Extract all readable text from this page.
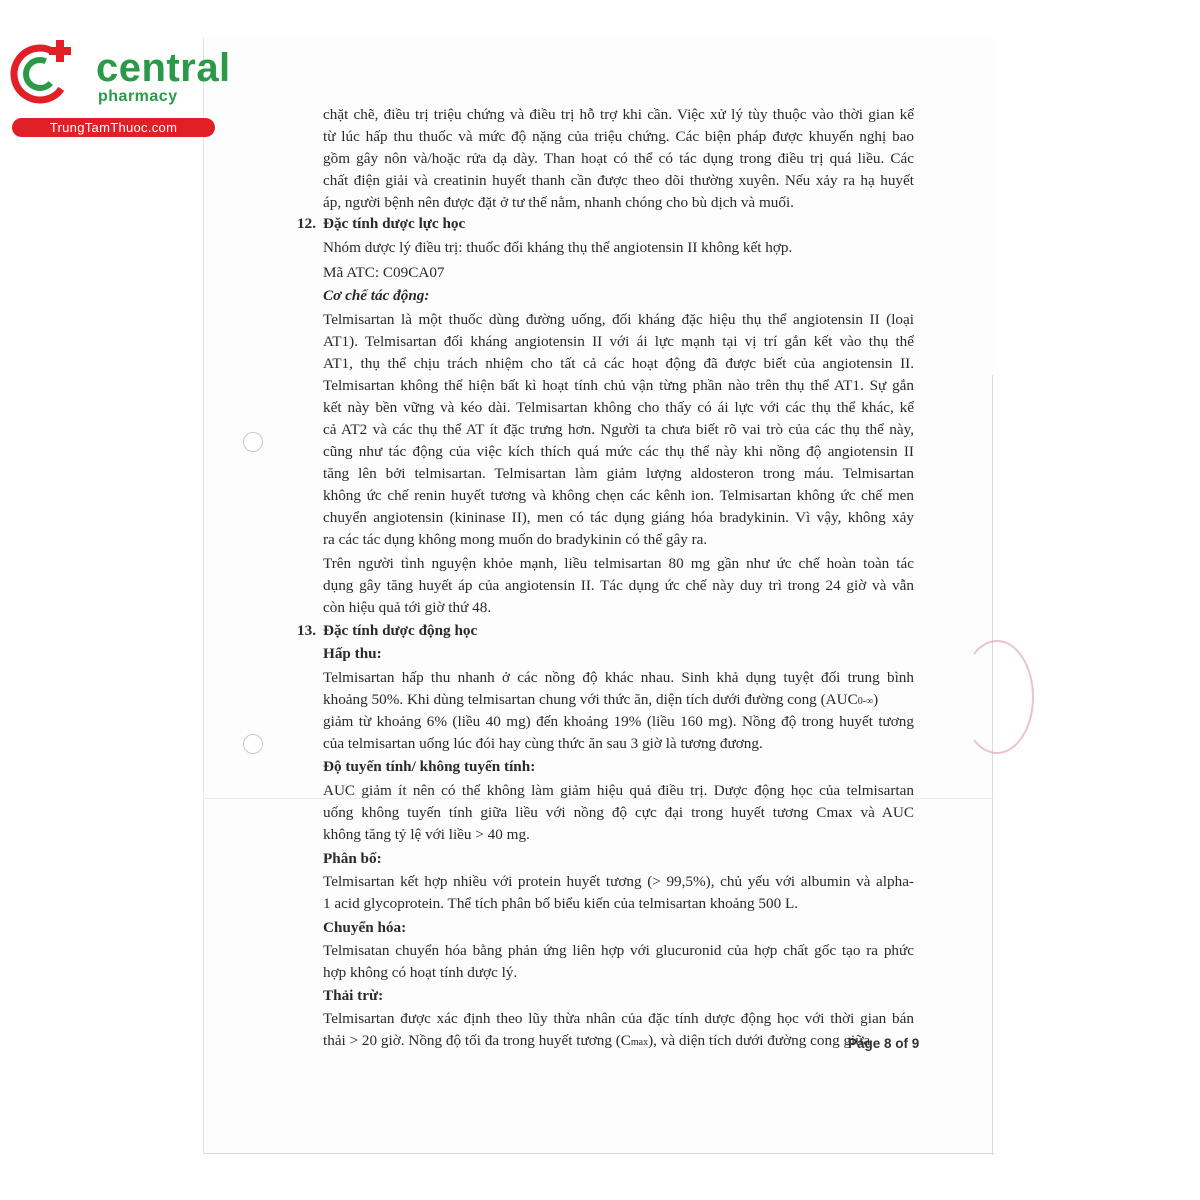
central
pharmacy
TrungTamThuoc.com
chặt chẽ, điều trị triệu chứng và điều trị hỗ trợ khi cần. Việc xử lý tùy thuộc vào thời gian kể
từ lúc hấp thu thuốc và mức độ nặng của triệu chứng. Các biện pháp được khuyến nghị bao
gồm gây nôn và/hoặc rửa dạ dày. Than hoạt có thể có tác dụng trong điều trị quá liều. Các
chất điện giải và creatinin huyết thanh cần được theo dõi thường xuyên. Nếu xảy ra hạ huyết
áp, người bệnh nên được đặt ở tư thế nằm, nhanh chóng cho bù dịch và muối.
12. Đặc tính dược lực học
Nhóm dược lý điều trị: thuốc đối kháng thụ thể angiotensin II không kết hợp.
Mã ATC: C09CA07
Cơ chế tác động:
Telmisartan là một thuốc dùng đường uống, đối kháng đặc hiệu thụ thể angiotensin II (loại
AT1). Telmisartan đối kháng angiotensin II với ái lực mạnh tại vị trí gắn kết vào thụ thể
AT1, thụ thể chịu trách nhiệm cho tất cả các hoạt động đã được biết của angiotensin II.
Telmisartan không thể hiện bất kì hoạt tính chủ vận từng phần nào trên thụ thể AT1. Sự gắn
kết này bền vững và kéo dài. Telmisartan không cho thấy có ái lực với các thụ thể khác, kể
cả AT2 và các thụ thể AT ít đặc trưng hơn. Người ta chưa biết rõ vai trò của các thụ thể này,
cũng như tác động của việc kích thích quá mức các thụ thể này khi nồng độ angiotensin II
tăng lên bởi telmisartan. Telmisartan làm giảm lượng aldosteron trong máu. Telmisartan
không ức chế renin huyết tương và không chẹn các kênh ion. Telmisartan không ức chế men
chuyển angiotensin (kininase II), men có tác dụng giáng hóa bradykinin. Vì vậy, không xảy
ra các tác dụng không mong muốn do bradykinin có thể gây ra.
Trên người tình nguyện khỏe mạnh, liều telmisartan 80 mg gần như ức chế hoàn toàn tác
dụng gây tăng huyết áp của angiotensin II. Tác dụng ức chế này duy trì trong 24 giờ và vẫn
còn hiệu quả tới giờ thứ 48.
13. Đặc tính dược động học
Hấp thu:
Telmisartan hấp thu nhanh ở các nồng độ khác nhau. Sinh khả dụng tuyệt đối trung bình
khoảng 50%. Khi dùng telmisartan chung với thức ăn, diện tích dưới đường cong (AUC0-∞)
giảm từ khoảng 6% (liều 40 mg) đến khoảng 19% (liều 160 mg). Nồng độ trong huyết tương
của telmisartan uống lúc đói hay cùng thức ăn sau 3 giờ là tương đương.
Độ tuyến tính/ không tuyến tính:
AUC giảm ít nên có thể không làm giảm hiệu quả điều trị. Dược động học của telmisartan
uống không tuyến tính giữa liều với nồng độ cực đại trong huyết tương Cmax và AUC
không tăng tỷ lệ với liều > 40 mg.
Phân bố:
Telmisartan kết hợp nhiều với protein huyết tương (> 99,5%), chủ yếu với albumin và alpha-
1 acid glycoprotein. Thể tích phân bố biểu kiến của telmisartan khoảng 500 L.
Chuyển hóa:
Telmisatan chuyển hóa bằng phản ứng liên hợp với glucuronid của hợp chất gốc tạo ra phức
hợp không có hoạt tính dược lý.
Thải trừ:
Telmisartan được xác định theo lũy thừa nhân của đặc tính dược động học với thời gian bán
thải > 20 giờ. Nồng độ tối đa trong huyết tương (Cmax), và diện tích dưới đường cong giữa
Page 8 of 9
